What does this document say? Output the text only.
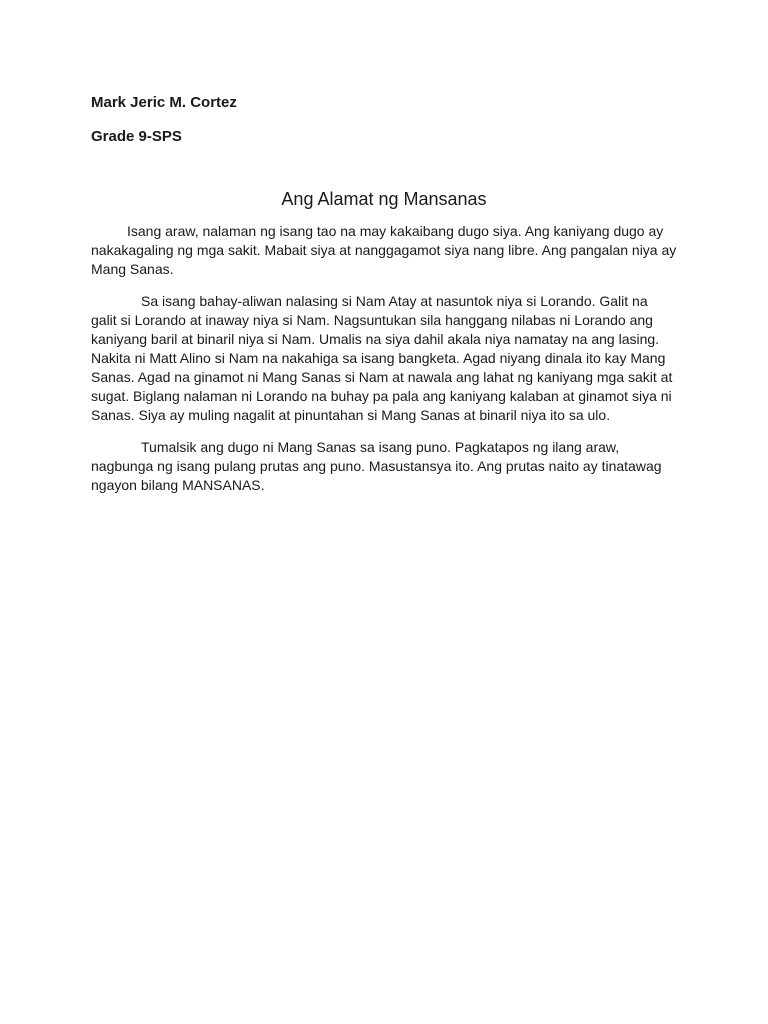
Mark Jeric M. Cortez

Grade 9-SPS

Ang Alamat ng Mansanas

Isang araw, nalaman ng isang tao na may kakaibang dugo siya. Ang kaniyang dugo ay nakakagaling ng mga sakit. Mabait siya at nanggagamot siya nang libre. Ang pangalan niya ay Mang Sanas.

Sa isang bahay-aliwan nalasing si Nam Atay at nasuntok niya si Lorando. Galit na galit si Lorando at inaway niya si Nam. Nagsuntukan sila hanggang nilabas ni Lorando ang kaniyang baril at binaril niya si Nam. Umalis na siya dahil akala niya namatay na ang lasing. Nakita ni Matt Alino si Nam na nakahiga sa isang bangketa. Agad niyang dinala ito kay Mang Sanas. Agad na ginamot ni Mang Sanas si Nam at nawala ang lahat ng kaniyang mga sakit at sugat. Biglang nalaman ni Lorando na buhay pa pala ang kaniyang kalaban at ginamot siya ni Sanas. Siya ay muling nagalit at pinuntahan si Mang Sanas at binaril niya ito sa ulo.

Tumalsik ang dugo ni Mang Sanas sa isang puno. Pagkatapos ng ilang araw, nagbunga ng isang pulang prutas ang puno. Masustansya ito. Ang prutas naito ay tinatawag ngayon bilang MANSANAS.
